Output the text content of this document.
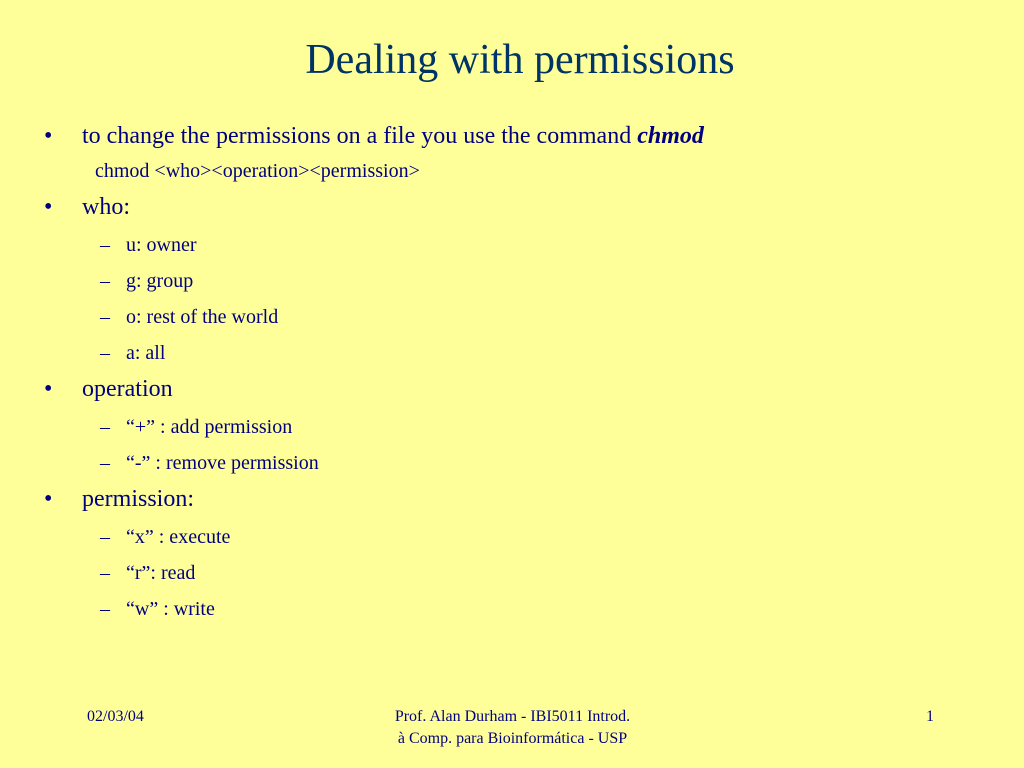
Dealing with permissions
• to change the permissions on a file you use the command chmod
chmod <who><operation><permission>
• who:
– u: owner
– g: group
– o: rest of the world
– a: all
• operation
– “+” : add permission
– “-” : remove permission
• permission:
– “x” : execute
– “r”: read
– “w” : write
02/03/04	Prof. Alan Durham - IBI5011 Introd.
à Comp. para Bioinformática - USP
1
